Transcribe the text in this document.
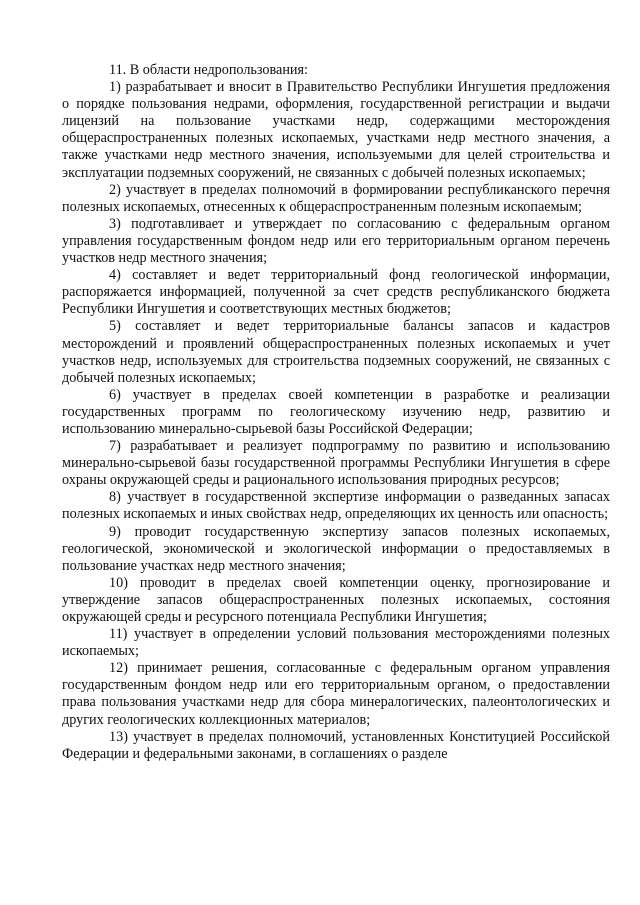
11. В области недропользования:

1) разрабатывает и вносит в Правительство Республики Ингушетия предложения о порядке пользования недрами, оформления, государственной регистрации и выдачи лицензий на пользование участками недр, содержащими месторождения общераспространенных полезных ископаемых, участками недр местного значения, а также участками недр местного значения, используемыми для целей строительства и эксплуатации подземных сооружений, не связанных с добычей полезных ископаемых;

2) участвует в пределах полномочий в формировании республиканского перечня полезных ископаемых, отнесенных к общераспространенным полезным ископаемым;

3) подготавливает и утверждает по согласованию с федеральным органом управления государственным фондом недр или его территориальным органом перечень участков недр местного значения;

4) составляет и ведет территориальный фонд геологической информации, распоряжается информацией, полученной за счет средств республиканского бюджета Республики Ингушетия и соответствующих местных бюджетов;

5) составляет и ведет территориальные балансы запасов и кадастров месторождений и проявлений общераспространенных полезных ископаемых и учет участков недр, используемых для строительства подземных сооружений, не связанных с добычей полезных ископаемых;

6) участвует в пределах своей компетенции в разработке и реализации государственных программ по геологическому изучению недр, развитию и использованию минерально-сырьевой базы Российской Федерации;

7) разрабатывает и реализует подпрограмму по развитию и использованию минерально-сырьевой базы государственной программы Республики Ингушетия в сфере охраны окружающей среды и рационального использования природных ресурсов;

8) участвует в государственной экспертизе информации о разведанных запасах полезных ископаемых и иных свойствах недр, определяющих их ценность или опасность;

9) проводит государственную экспертизу запасов полезных ископаемых, геологической, экономической и экологической информации о предоставляемых в пользование участках недр местного значения;

10) проводит в пределах своей компетенции оценку, прогнозирование и утверждение запасов общераспространенных полезных ископаемых, состояния окружающей среды и ресурсного потенциала Республики Ингушетия;

11) участвует в определении условий пользования месторождениями полезных ископаемых;

12) принимает решения, согласованные с федеральным органом управления государственным фондом недр или его территориальным органом, о предоставлении права пользования участками недр для сбора минералогических, палеонтологических и других геологических коллекционных материалов;

13) участвует в пределах полномочий, установленных Конституцией Российской Федерации и федеральными законами, в соглашениях о разделе
